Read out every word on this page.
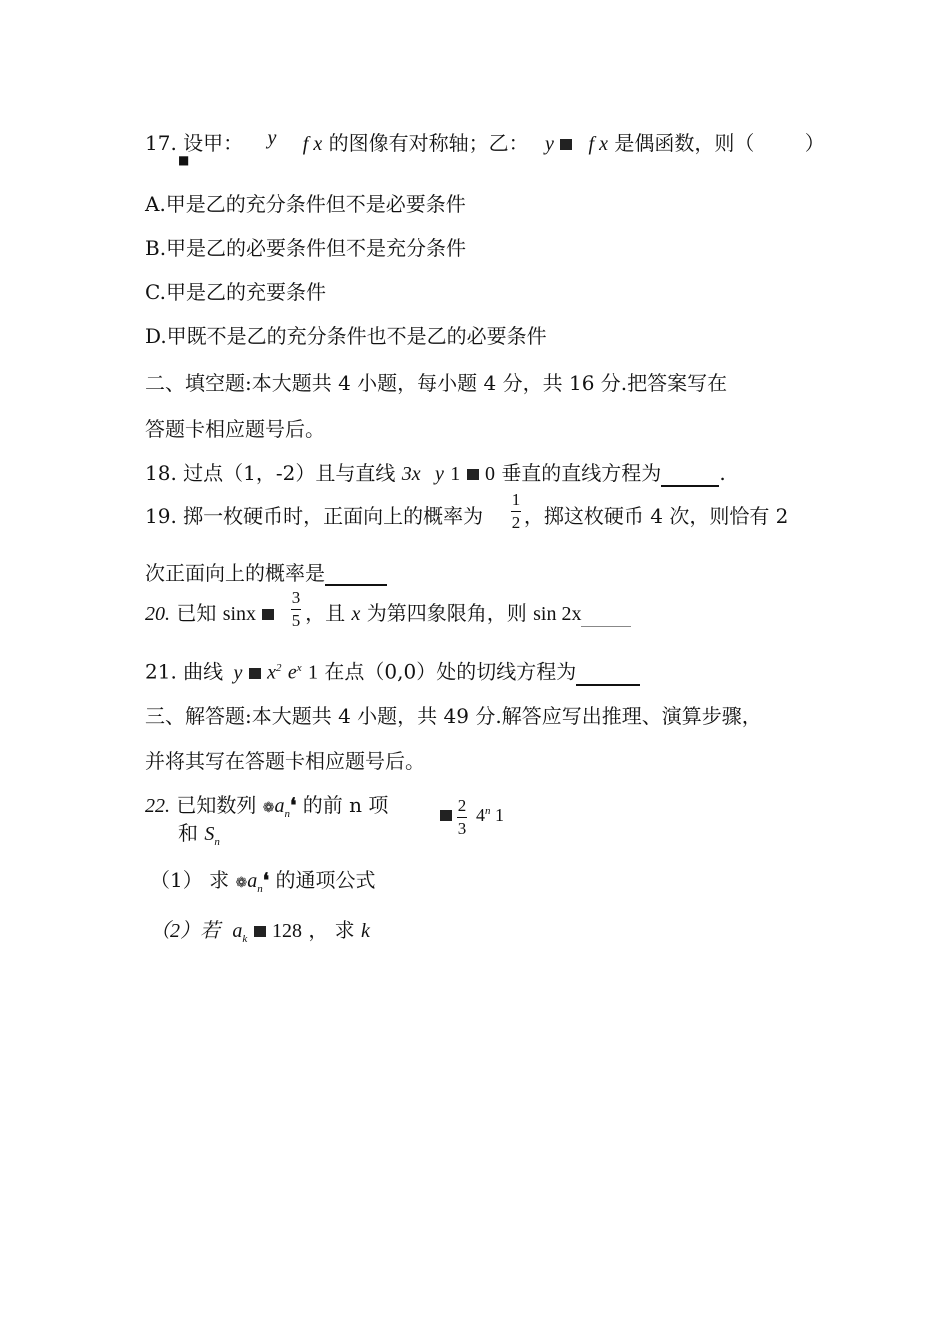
17. 设甲： y f x 的图像有对称轴；乙： y f x 是偶函数，则（	）
■
A.甲是乙的充分条件但不是必要条件
B.甲是乙的必要条件但不是充分条件
C.甲是乙的充要条件
D.甲既不是乙的充分条件也不是乙的必要条件
二、填空题:本大题共 4 小题，每小题 4 分，共 16 分.把答案写在
答题卡相应题号后。
18. 过点（1，-2）且与直线 3x y 1 0 垂直的直线方程为	.
19. 掷一枚硬币时，正面向上的概率为 ，掷这枚硬币 4 次，则恰有 2
1
2
次正面向上的概率是
20. 已知 sinx ，且 x 为第四象限角，则 sin 2x
3
5
21. 曲线 y $x^2$ $e^x$ 1 在点（0,0）处的切线方程为
三、解答题:本大题共 4 小题，共 49 分.解答应写出推理、演算步骤，
并将其写在答题卡相应题号后。
22. 已知数列 $❁a_n❛$ 的前 n 项
和 $S_n$
2
3
4$^n$ 1
（1） 求 $❁a_n❛$ 的通项公式
（2）若 $a_k$ 128 ， 求 k
